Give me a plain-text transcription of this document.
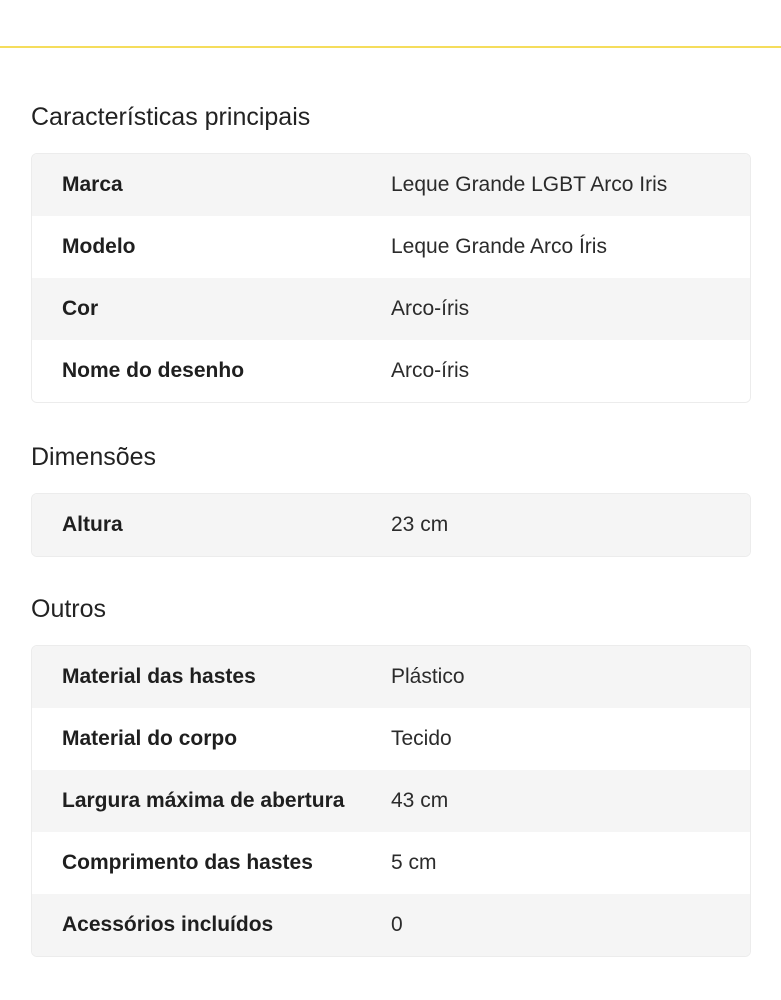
Características principais
Marca	Leque Grande LGBT Arco Iris
Modelo	Leque Grande Arco Íris
Cor	Arco-íris
Nome do desenho	Arco-íris
Dimensões
Altura	23 cm
Outros
Material das hastes	Plástico
Material do corpo	Tecido
Largura máxima de abertura	43 cm
Comprimento das hastes	5 cm
Acessórios incluídos	0
